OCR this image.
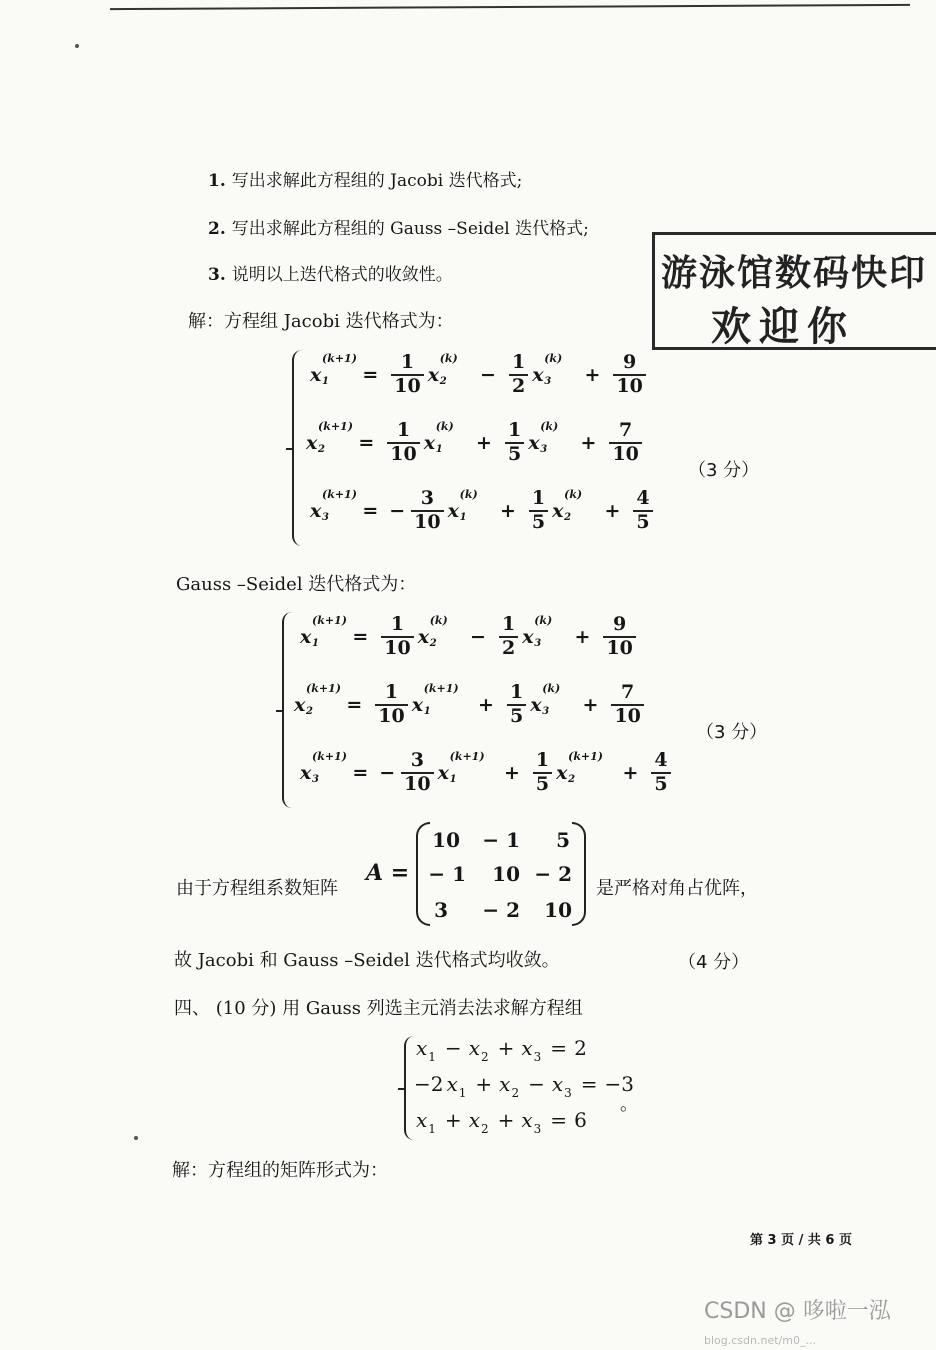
1. 写出求解此方程组的 Jacobi 迭代格式;
2. 写出求解此方程组的 Gauss –Seidel 迭代格式;
3. 说明以上迭代格式的收敛性。	游泳馆数码快印
欢迎你
解：方程组 Jacobi 迭代格式为：
x
(k+1)
$1 = \frac{1}{10}$ x
(k)
$2 - \frac{1}{2}$ x
(k)
$3 + \frac{9}{10}$
x
(k+1)
$2 = \frac{1}{10}$ x
(k)
$1 + \frac{1}{5}$ x
(k)
$3 + \frac{7}{10}$
x
(k+1)
3 = − $\frac{3}{10}$ x
(k)
$1 + \frac{1}{5}$ x
(k)
$2 + \frac{4}{5}$
（3 分）
Gauss –Seidel 迭代格式为：
x
(k+1)
$1 = \frac{1}{10}$ x
(k)
$2 - \frac{1}{2}$ x
(k)
$3 + \frac{9}{10}$
x
(k+1)
$2 = \frac{1}{10}$ x
(k+1)
$1 + \frac{1}{5}$ x
(k)
$3 + \frac{7}{10}$
x
(k+1)
3 = − $\frac{3}{10}$ x
(k+1)
$1 + \frac{1}{5}$ x
(k+1)
$2 + \frac{4}{5}$
（3 分）
由于方程组系数矩阵
A =
10	− 1	5
− 1	10 − 2
3	− 2	10
是严格对角占优阵，
故 Jacobi 和 Gauss –Seidel 迭代格式均收敛。	（4 分）
四、 (10 分) 用 Gauss 列选主元消去法求解方程组
$x_1 - x_2 + x_3 = 2$
−2 $x_1 + x_2 - x_3 = -3$
$x_1 + x_2 + x_3 = 6$
。
解：方程组的矩阵形式为：
第 3 页 / 共 6 页
CSDN @ 哆啦一泓 blog.csdn.net/m0_...
